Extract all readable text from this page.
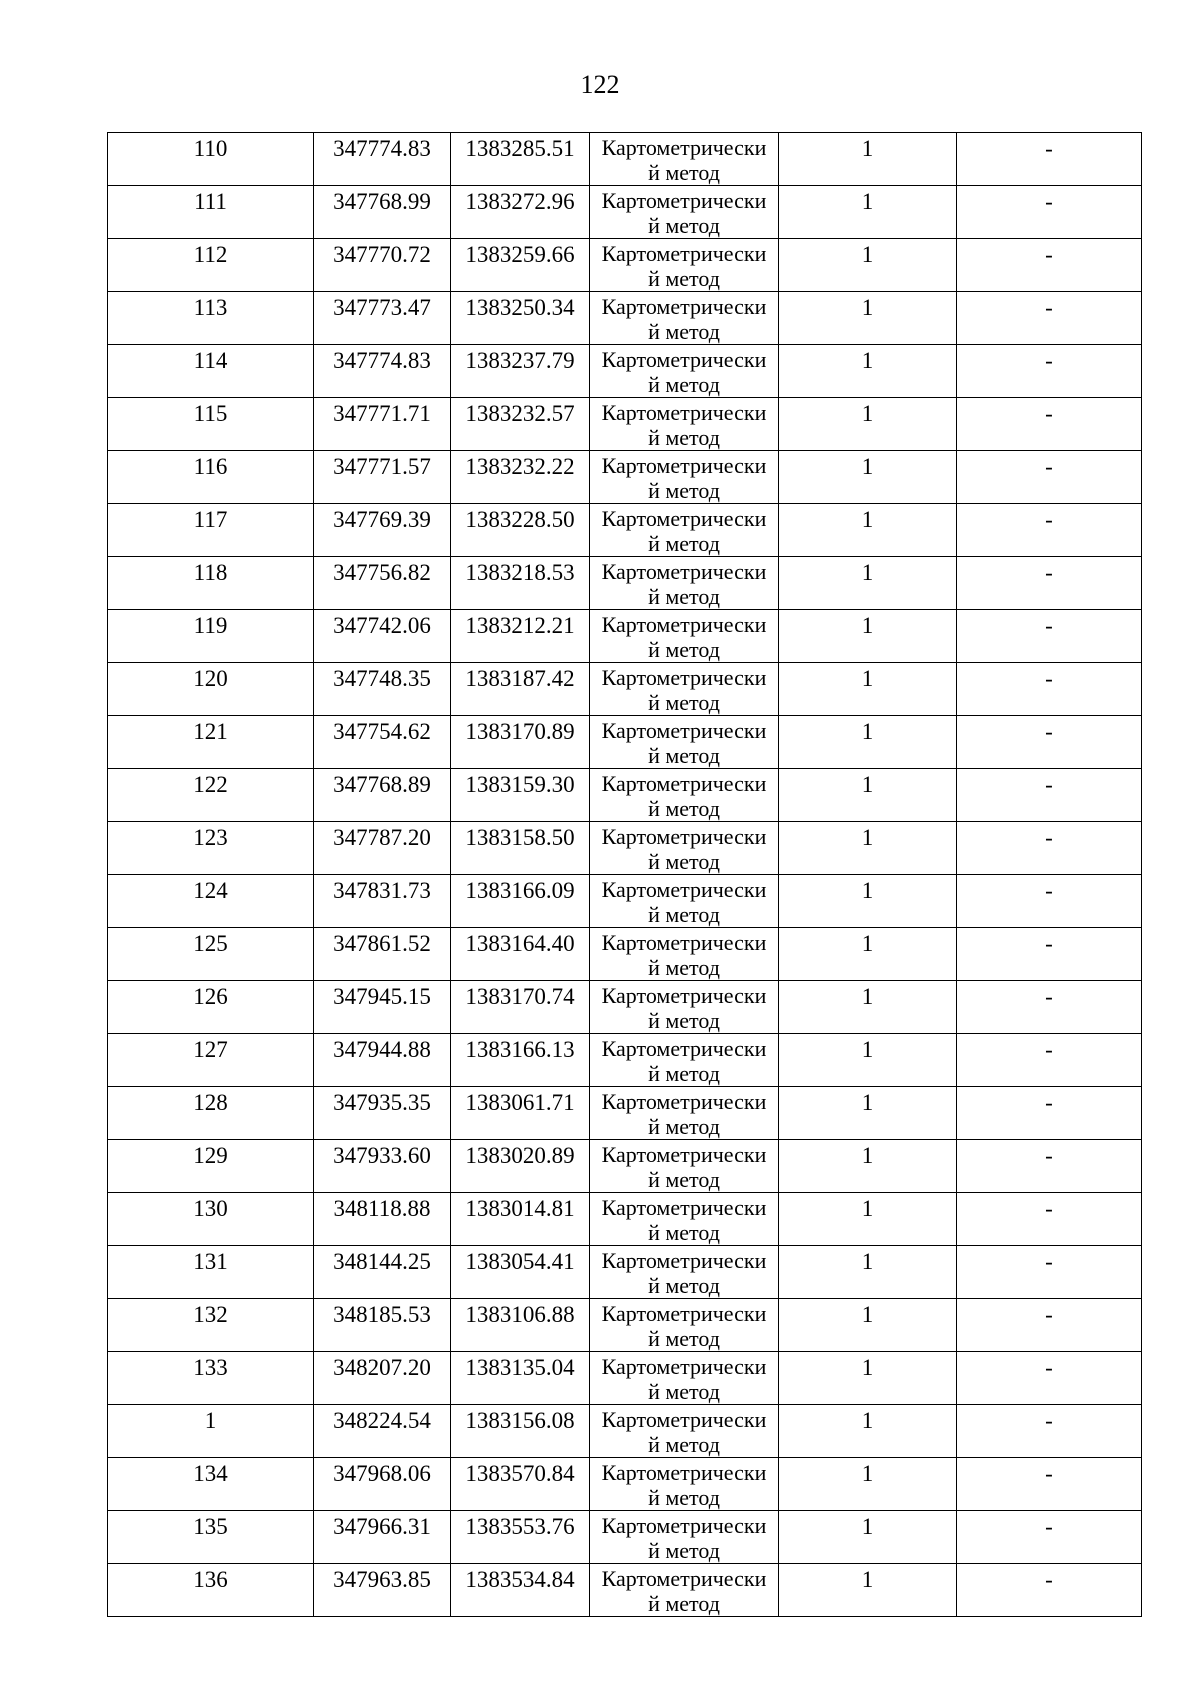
122
110	347774.83	1383285.51	Картометрически
й метод	1	-
111	347768.99	1383272.96	Картометрически
й метод	1	-
112	347770.72	1383259.66	Картометрически
й метод	1	-
113	347773.47	1383250.34	Картометрически
й метод	1	-
114	347774.83	1383237.79	Картометрически
й метод	1	-
115	347771.71	1383232.57	Картометрически
й метод	1	-
116	347771.57	1383232.22	Картометрически
й метод	1	-
117	347769.39	1383228.50	Картометрически
й метод	1	-
118	347756.82	1383218.53	Картометрически
й метод	1	-
119	347742.06	1383212.21	Картометрически
й метод	1	-
120	347748.35	1383187.42	Картометрически
й метод	1	-
121	347754.62	1383170.89	Картометрически
й метод	1	-
122	347768.89	1383159.30	Картометрически
й метод	1	-
123	347787.20	1383158.50	Картометрически
й метод	1	-
124	347831.73	1383166.09	Картометрически
й метод	1	-
125	347861.52	1383164.40	Картометрически
й метод	1	-
126	347945.15	1383170.74	Картометрически
й метод	1	-
127	347944.88	1383166.13	Картометрически
й метод	1	-
128	347935.35	1383061.71	Картометрически
й метод	1	-
129	347933.60	1383020.89	Картометрически
й метод	1	-
130	348118.88	1383014.81	Картометрически
й метод	1	-
131	348144.25	1383054.41	Картометрически
й метод	1	-
132	348185.53	1383106.88	Картометрически
й метод	1	-
133	348207.20	1383135.04	Картометрически
й метод	1	-
1	348224.54	1383156.08	Картометрически
й метод	1	-
134	347968.06	1383570.84	Картометрически
й метод	1	-
135	347966.31	1383553.76	Картометрически
й метод	1	-
136	347963.85	1383534.84	Картометрически
й метод	1	-
